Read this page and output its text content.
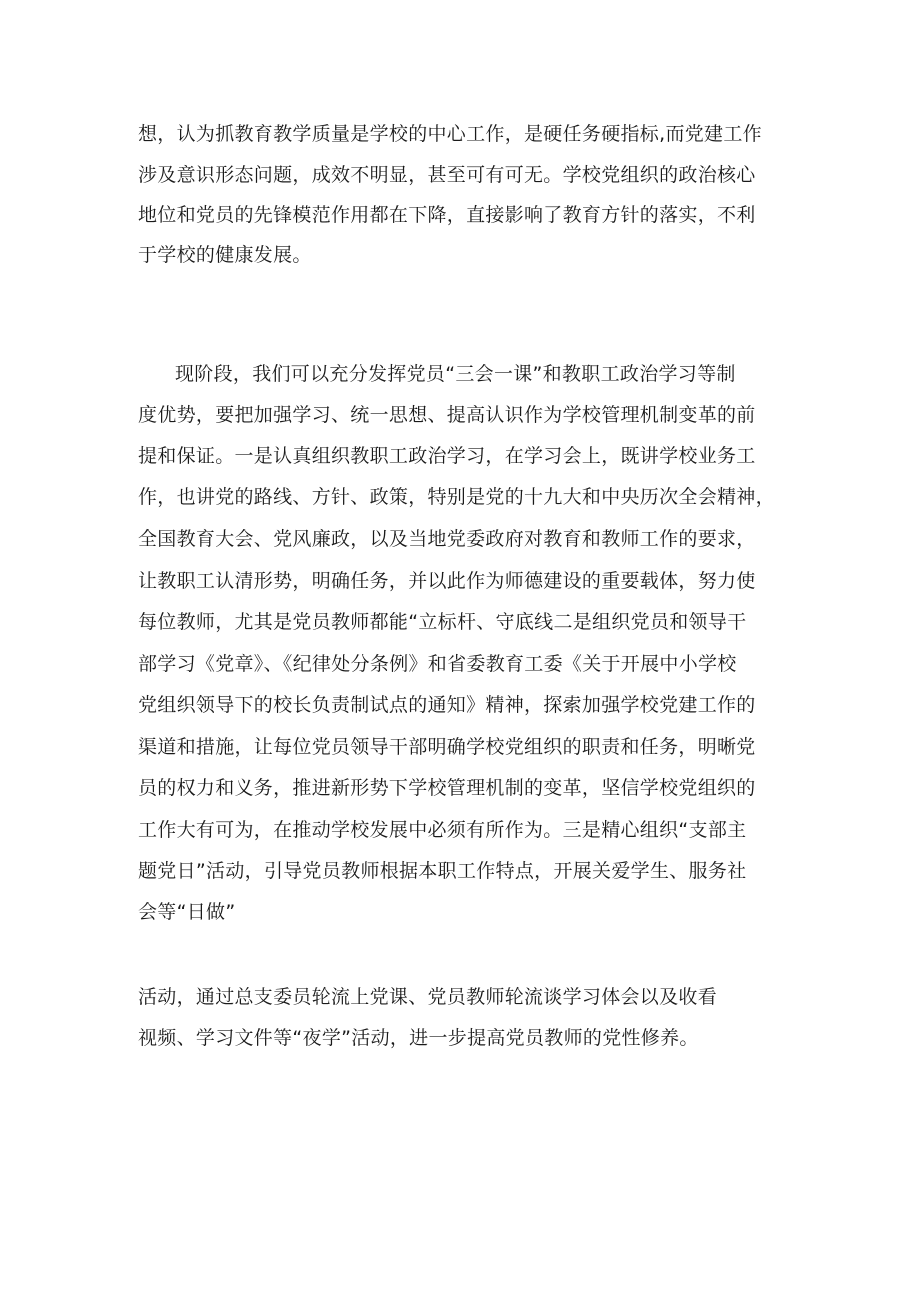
想，认为抓教育教学质量是学校的中心工作，是硬任务硬指标,而党建工作

涉及意识形态问题，成效不明显，甚至可有可无。学校党组织的政治核心

地位和党员的先锋模范作用都在下降，直接影响了教育方针的落实，不利

于学校的健康发展。

现阶段，我们可以充分发挥党员“三会一课”和教职工政治学习等制

度优势，要把加强学习、统一思想、提高认识作为学校管理机制变革的前

提和保证。一是认真组织教职工政治学习，在学习会上，既讲学校业务工

作，也讲党的路线、方针、政策，特别是党的十九大和中央历次全会精神，

全国教育大会、党风廉政，以及当地党委政府对教育和教师工作的要求，

让教职工认清形势，明确任务，并以此作为师德建设的重要载体，努力使

每位教师，尤其是党员教师都能“立标杆、守底线二是组织党员和领导干

部学习《党章》、《纪律处分条例》和省委教育工委《关于开展中小学校

党组织领导下的校长负责制试点的通知》精神，探索加强学校党建工作的

渠道和措施，让每位党员领导干部明确学校党组织的职责和任务，明晰党

员的权力和义务，推进新形势下学校管理机制的变革，坚信学校党组织的

工作大有可为，在推动学校发展中必须有所作为。三是精心组织“支部主

题党日”活动，引导党员教师根据本职工作特点，开展关爱学生、服务社

会等“日做”

活动，通过总支委员轮流上党课、党员教师轮流谈学习体会以及收看

视频、学习文件等“夜学”活动，进一步提高党员教师的党性修养。
